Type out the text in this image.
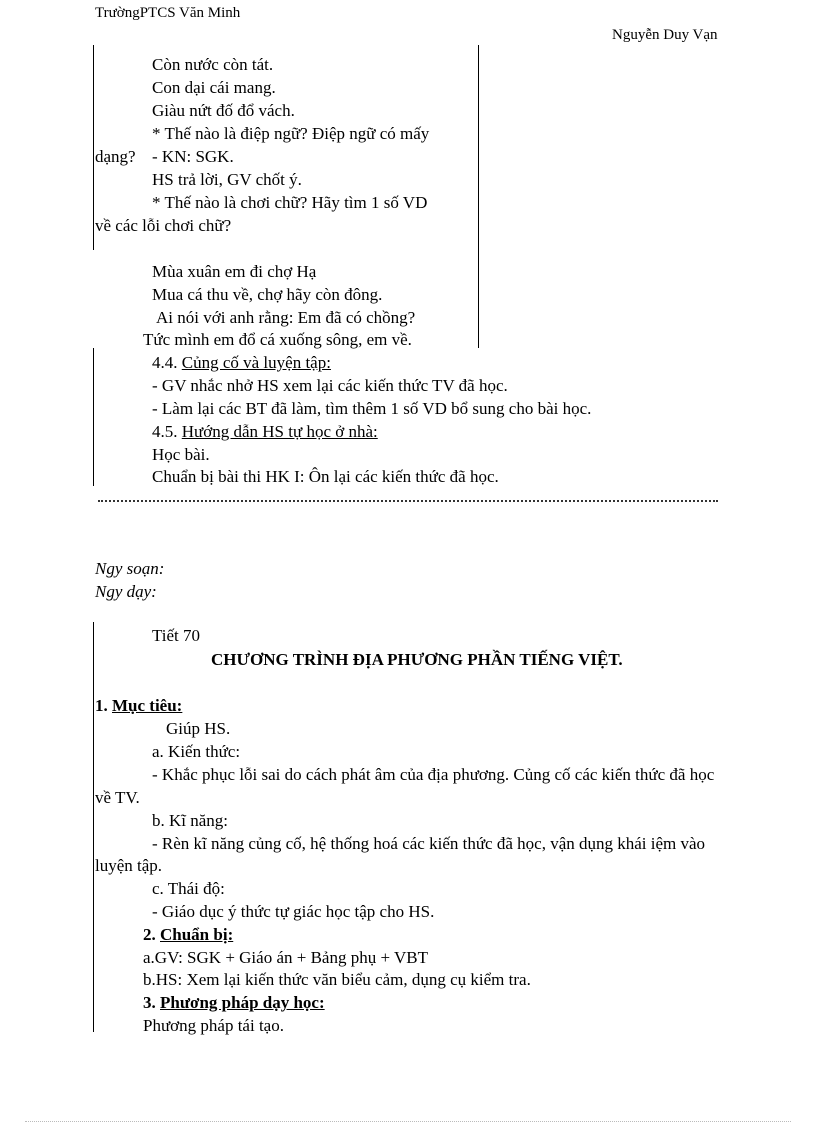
TrườngPTCS Văn Minh
Nguyễn Duy Vạn
Còn nước còn tát.
Con dại cái mang.
Giàu nứt đố đổ vách.
* Thế nào là điệp ngữ? Điệp ngữ có mấy
dạng? - KN: SGK.
HS trả lời, GV chốt ý.
* Thế nào là chơi chữ? Hãy tìm 1 số VD
về các lỗi chơi chữ?
Mùa xuân em đi chợ Hạ
Mua cá thu về, chợ hãy còn đông.
Ai nói với anh rằng: Em đã có chồng?
Tức mình em đổ cá xuống sông, em về.
4.4. Củng cố và luyện tập:
- GV nhắc nhở HS xem lại các kiến thức TV đã học.
- Làm lại các BT đã làm, tìm thêm 1 số VD bổ sung cho bài học.
4.5. Hướng dẫn HS tự học ở nhà:
Học bài.
Chuẩn bị bài thi HK I: Ôn lại các kiến thức đã học.
Ngy soạn:
Ngy dạy:
Tiết 70
CHƯƠNG TRÌNH ĐỊA PHƯƠNG PHẦN TIẾNG VIỆT.
1. Mục tiêu:
Giúp HS.
a. Kiến thức:
- Khắc phục lỗi sai do cách phát âm của địa phương. Củng cố các kiến thức đã học
về TV.
b. Kĩ năng:
- Rèn kĩ năng củng cố, hệ thống hoá các kiến thức đã học, vận dụng khái iệm vào
luyện tập.
c. Thái độ:
- Giáo dục ý thức tự giác học tập cho HS.
2. Chuẩn bị:
a.GV: SGK + Giáo án + Bảng phụ + VBT
b.HS: Xem lại kiến thức văn biểu cảm, dụng cụ kiểm tra.
3. Phương pháp dạy học:
Phương pháp tái tạo.
